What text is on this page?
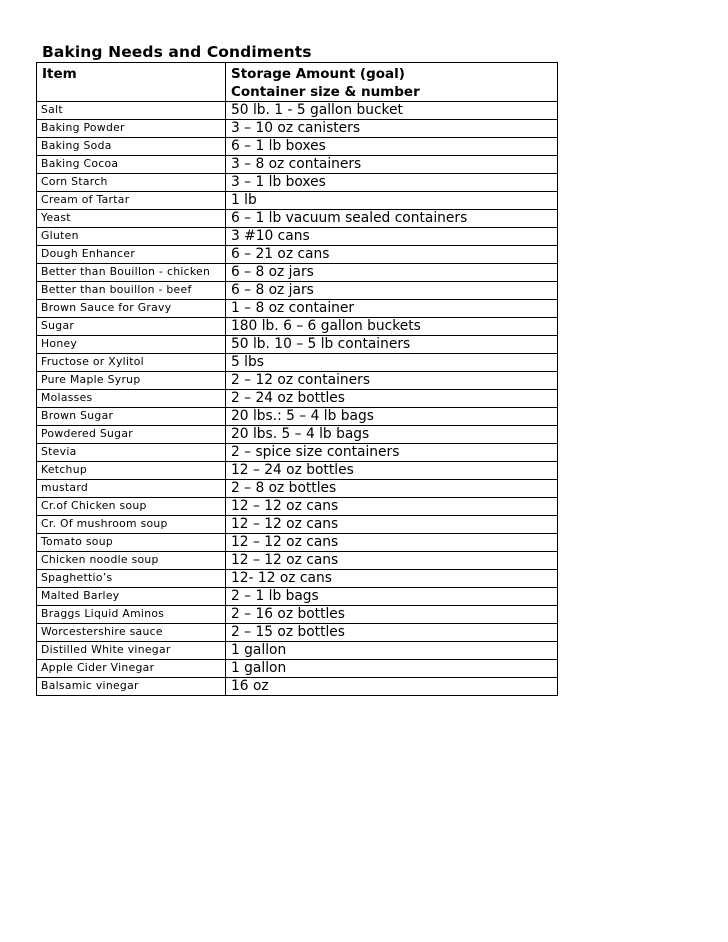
Baking Needs and Condiments
Item	Storage Amount (goal)
Container size & number

Salt	50 lb. 1 - 5 gallon bucket
Baking Powder	3 – 10 oz canisters
Baking Soda	6 – 1 lb boxes
Baking Cocoa	3 – 8 oz containers
Corn Starch	3 – 1 lb boxes
Cream of Tartar	1 lb
Yeast	6 – 1 lb vacuum sealed containers
Gluten	3 #10 cans
Dough Enhancer	6 – 21 oz cans
Better than Bouillon - chicken	6 – 8 oz jars
Better than bouillon - beef	6 – 8 oz jars
Brown Sauce for Gravy	1 – 8 oz container
Sugar	180 lb. 6 – 6 gallon buckets
Honey	50 lb. 10 – 5 lb containers
Fructose or Xylitol	5 lbs
Pure Maple Syrup	2 – 12 oz containers
Molasses	2 – 24 oz bottles
Brown Sugar	20 lbs.: 5 – 4 lb bags
Powdered Sugar	20 lbs. 5 – 4 lb bags
Stevia	2 – spice size containers
Ketchup	12 – 24 oz bottles
mustard	2 – 8 oz bottles
Cr.of Chicken soup	12 – 12 oz cans
Cr. Of mushroom soup	12 – 12 oz cans
Tomato soup	12 – 12 oz cans
Chicken noodle soup	12 – 12 oz cans
Spaghettio’s	12- 12 oz cans
Malted Barley	2 – 1 lb bags
Braggs Liquid Aminos	2 – 16 oz bottles
Worcestershire sauce	2 – 15 oz bottles
Distilled White vinegar	1 gallon
Apple Cider Vinegar	1 gallon
Balsamic vinegar	16 oz
